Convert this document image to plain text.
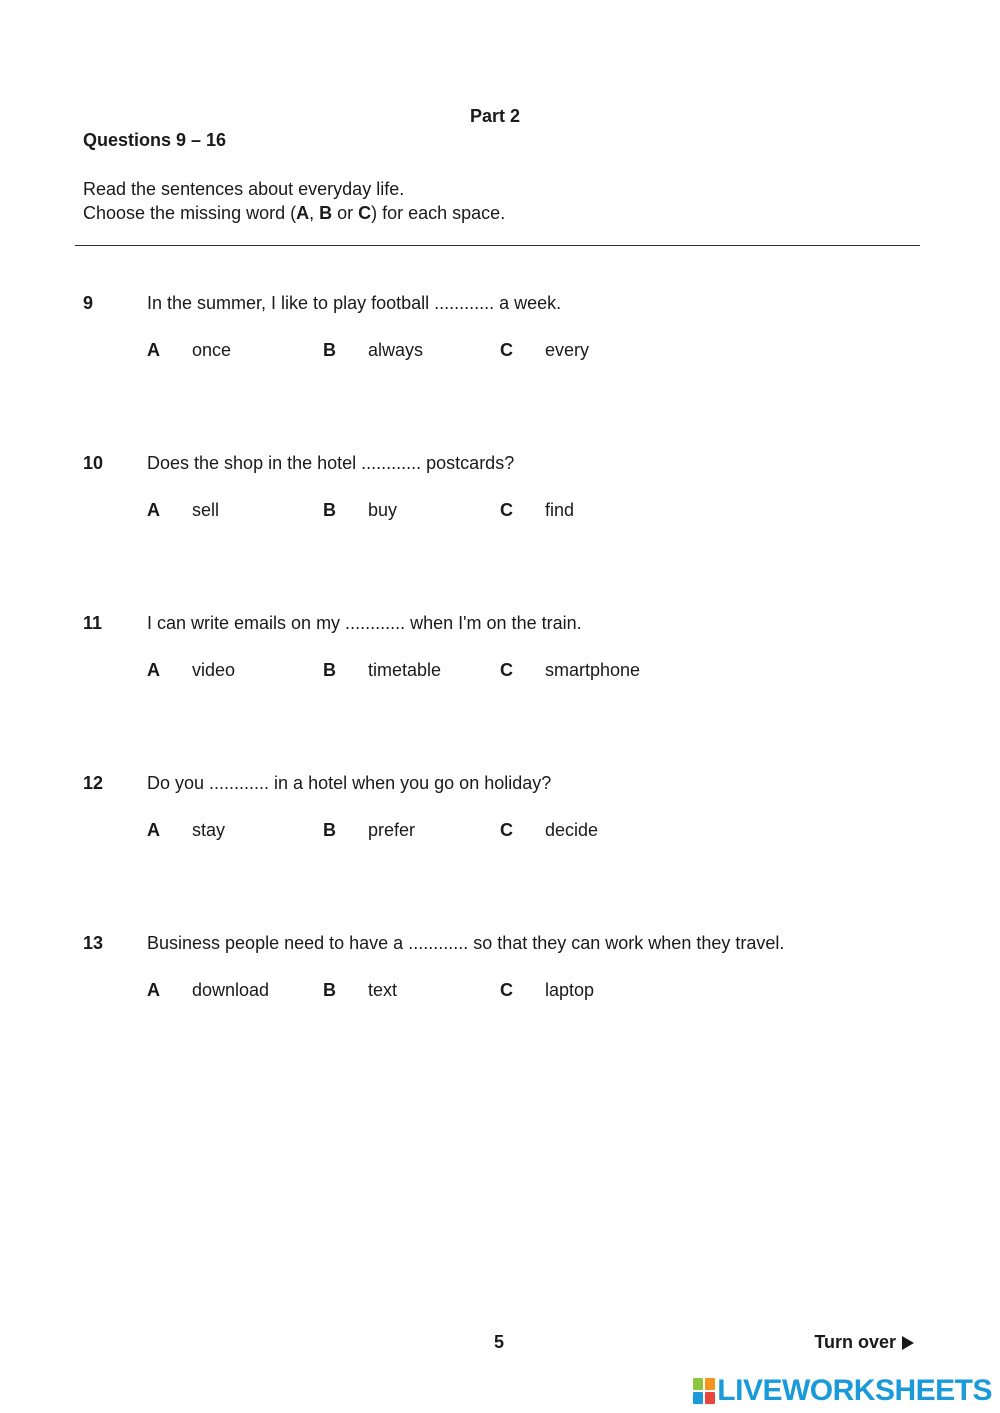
Part 2
Questions 9 – 16
Read the sentences about everyday life.
Choose the missing word (A, B or C) for each space.
9	In the summer, I like to play football ............ a week.
A once	B always	C every
10 Does the shop in the hotel ............ postcards?
A sell	B buy	C find
11 I can write emails on my ............ when I'm on the train.
A video	B timetable	C smartphone
12 Do you ............ in a hotel when you go on holiday?
A stay	B prefer	C decide
13 Business people need to have a ............ so that they can work when they travel.
A download	B text	C laptop
5	Turn over
LIVEWORKSHEETS
